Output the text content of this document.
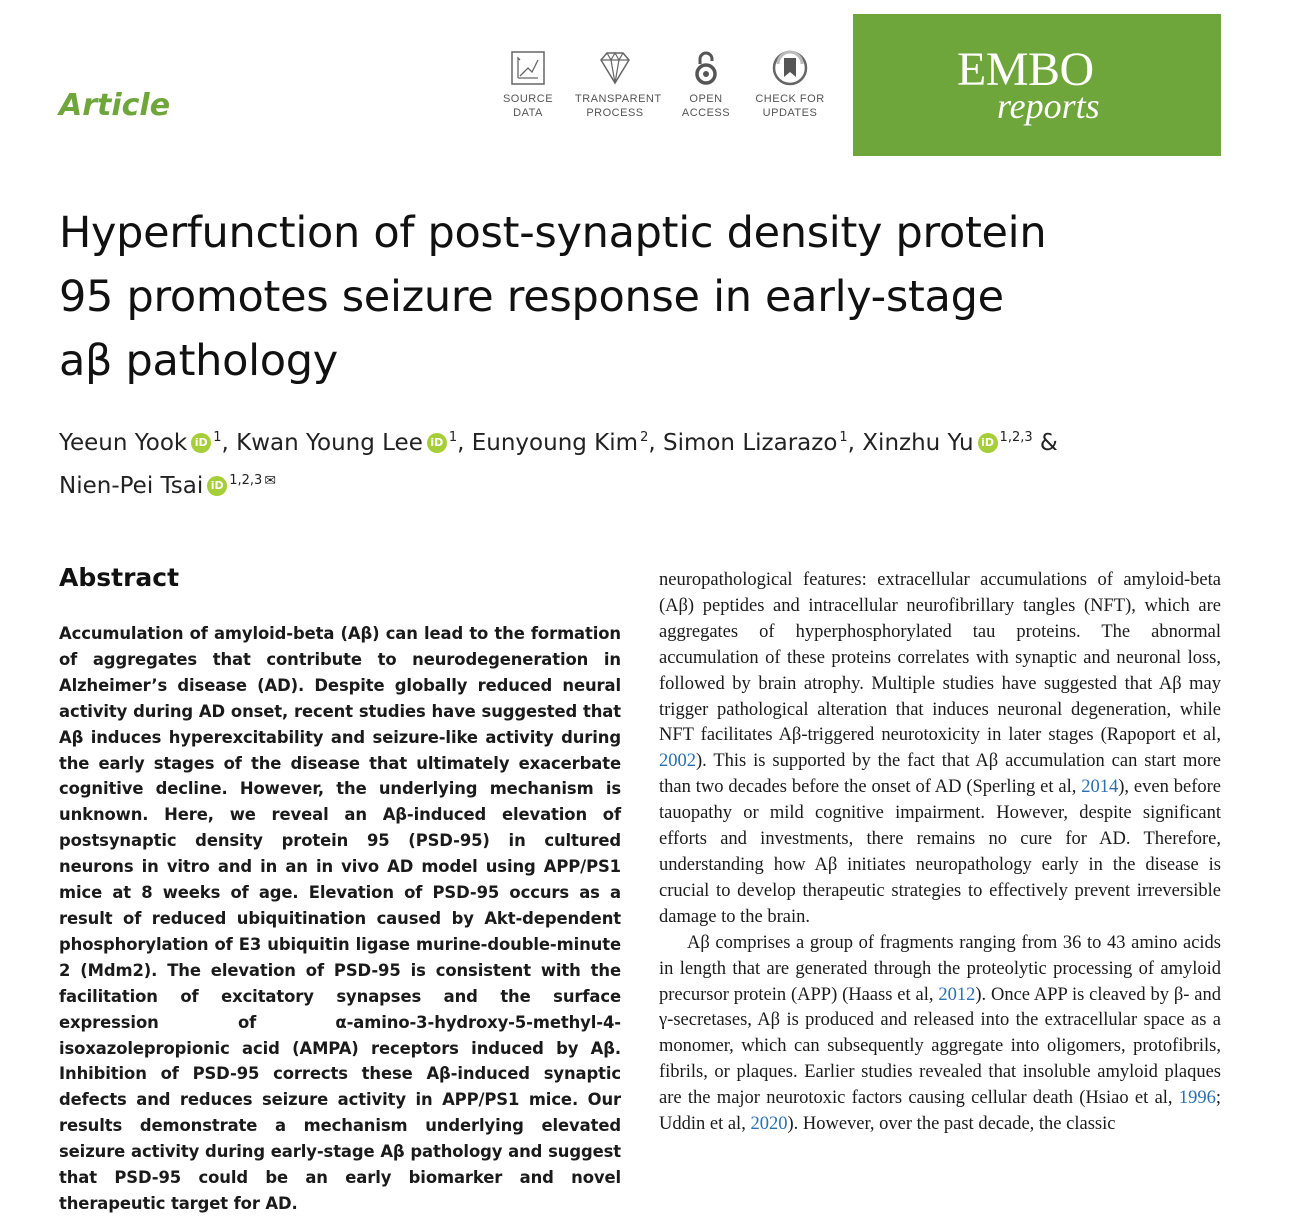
Article	SOURCE
DATA
TRANSPARENT
PROCESS
OPEN
ACCESS
CHECK FOR
UPDATES
EMBO
reports
Hyperfunction of post-synaptic density protein
95 promotes seizure response in early-stage
aβ pathology
Yeeun Yook iD $^1$, Kwan Young Lee iD $^1$, Eunyoung Kim $^2$, Simon Lizarazo $^1$, Xinzhu Yu iD $^{1,2,3}$ &
Nien-Pei Tsai iD $^{1,2,3}$ ✉
Abstract
Accumulation of amyloid-beta (Aβ) can lead to the formation of aggregates that contribute to neurodegeneration in Alzheimer’s disease (AD). Despite globally reduced neural activity during AD onset, recent studies have suggested that Aβ induces hyperexcitability and seizure-like activity during the early stages of the disease that ultimately exacerbate cognitive decline. However, the underlying mechanism is unknown. Here, we reveal an Aβ-induced elevation of postsynaptic density protein 95 (PSD-95) in cultured neurons in vitro and in an in vivo AD model using APP/PS1 mice at 8 weeks of age. Elevation of PSD-95 occurs as a result of reduced ubiquitination caused by Akt-dependent phosphorylation of E3 ubiquitin ligase murine-double-minute 2 (Mdm2). The elevation of PSD-95 is consistent with the facilitation of excitatory synapses and the surface expression of α-amino-3-hydroxy-5-methyl-4-isoxazolepropionic acid (AMPA) receptors induced by Aβ. Inhibition of PSD-95 corrects these Aβ-induced synaptic defects and reduces seizure activity in APP/PS1 mice. Our results demonstrate a mechanism underlying elevated seizure activity during early-stage Aβ pathology and suggest that PSD-95 could be an early biomarker and novel therapeutic target for AD.

neuropathological features: extracellular accumulations of amyloid-beta (Aβ) peptides and intracellular neurofibrillary tangles (NFT), which are aggregates of hyperphosphorylated tau proteins. The abnormal accumulation of these proteins correlates with synaptic and neuronal loss, followed by brain atrophy. Multiple studies have suggested that Aβ may trigger pathological alteration that induces neuronal degeneration, while NFT facilitates Aβ-triggered neurotoxicity in later stages (Rapoport et al, 2002). This is supported by the fact that Aβ accumulation can start more than two decades before the onset of AD (Sperling et al, 2014), even before tauopathy or mild cognitive impairment. However, despite significant efforts and investments, there remains no cure for AD. Therefore, understanding how Aβ initiates neuropathology early in the disease is crucial to develop therapeutic strategies to effectively prevent irreversible damage to the brain.

Aβ comprises a group of fragments ranging from 36 to 43 amino acids in length that are generated through the proteolytic processing of amyloid precursor protein (APP) (Haass et al, 2012). Once APP is cleaved by β- and γ-secretases, Aβ is produced and released into the extracellular space as a monomer, which can subsequently aggregate into oligomers, protofibrils, fibrils, or plaques. Earlier studies revealed that insoluble amyloid plaques are the major neurotoxic factors causing cellular death (Hsiao et al, 1996; Uddin et al, 2020). However, over the past decade, the classic
